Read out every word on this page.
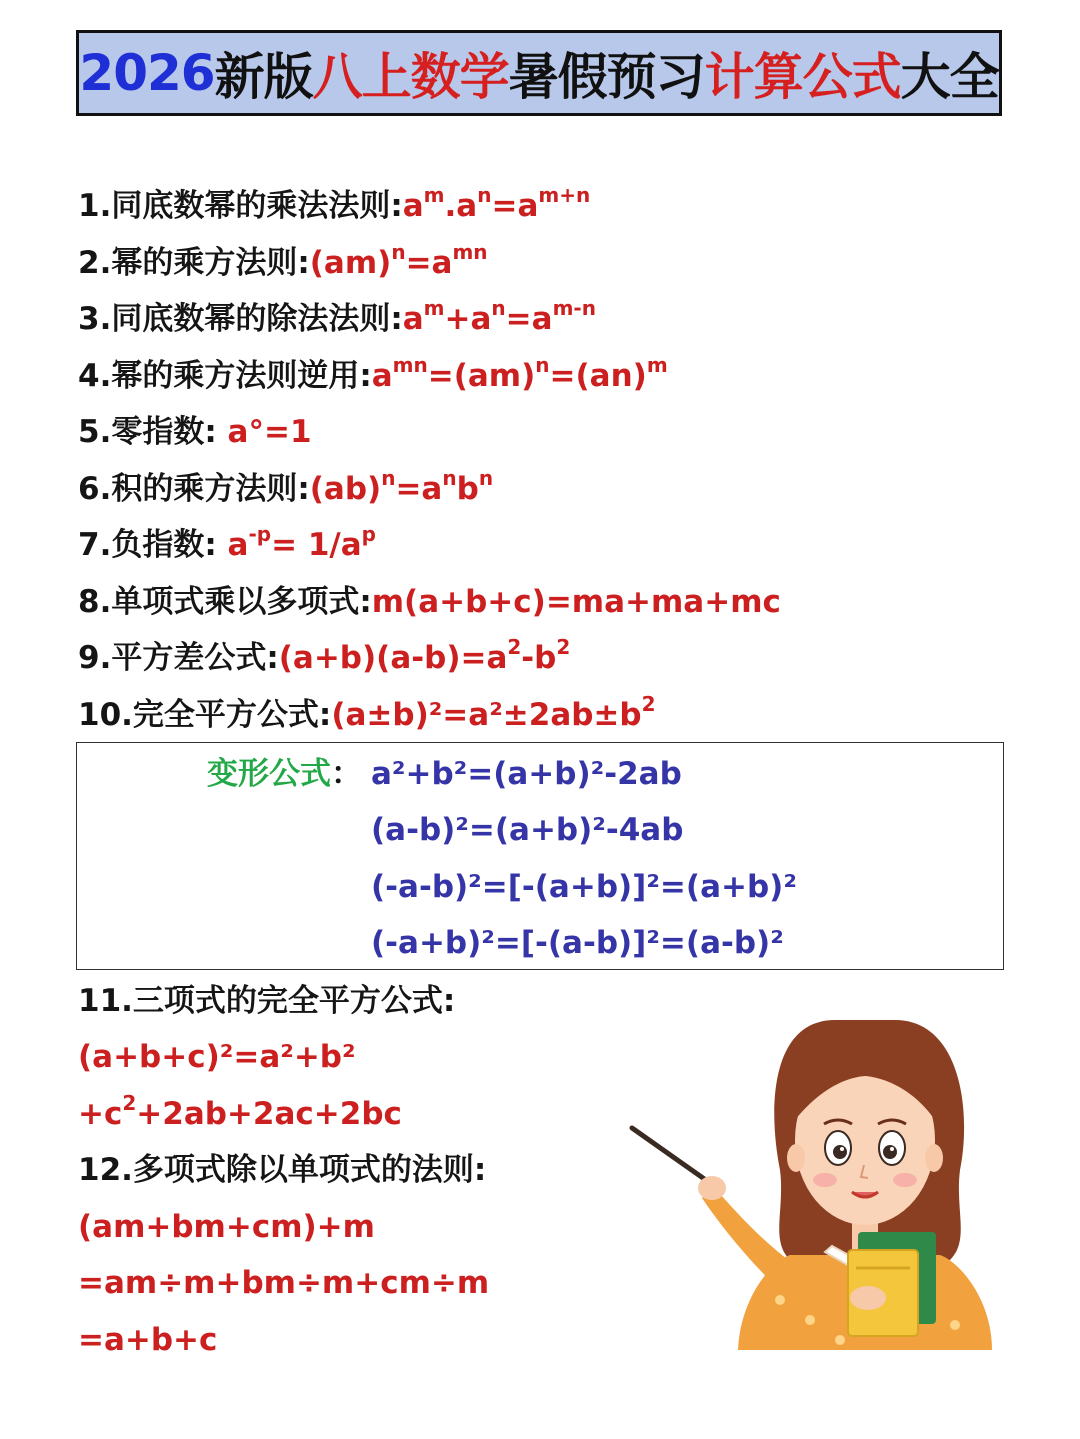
2026 新版 八上数学 暑假预习 计算公式 大全
1.同底数幂的乘法法则$:a^m.a^n=a^{m+n}$
2.幂的乘方法则$:(am)^n=a^{mn}$
3.同底数幂的除法法则$:a^m+a^n=a^{m-n}$
4.幂的乘方法则逆用$:a^{mn}=(am)^n=(an)^m$
5.零指数: a°=1
6.积的乘方法则$:(ab)^n=a^nb^n$
7.负指数: $a^{-p}= 1/a^p$
8.单项式乘以多项式:m(a+b+c)=ma+ma+mc
9.平方差公式$:(a+b)(a-b)=a^2-b^2$
10.完全平方公式$:(a\pm b)^2=a^2\pm 2ab\pm b^2$
变形公式： a²+b²=(a+b)²-2ab
(a-b)²=(a+b)²-4ab
(-a-b)²=[-(a+b)]²=(a+b)²
(-a+b)²=[-(a-b)]²=(a-b)²
11.三项式的完全平方公式:
(a+b+c)²=a²+b²
$+c^2+2ab+2ac+2bc$
12.多项式除以单项式的法则:
(am+bm+cm)+m
=am÷m+bm÷m+cm÷m
=a+b+c
